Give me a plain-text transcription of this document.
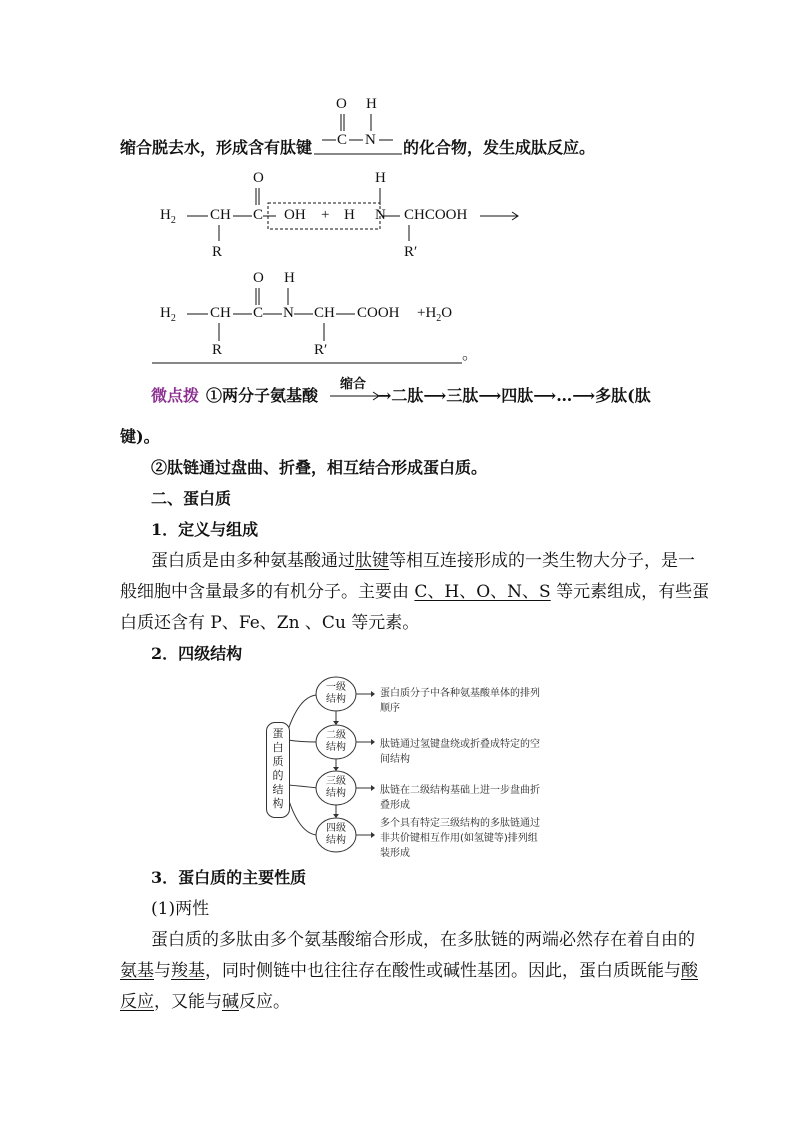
O H
C N
缩合脱去水，形成含有肽键	的化合物，发生成肽反应。
O	H
$H_2$ CH C OH + H N CHCOOH
R	R′
O H
$H_2$ CH C N CH COOH $+H_2O$
R	R′	。
微点拨 ①两分子氨基酸
缩合
→二肽⟶三肽⟶四肽⟶…⟶多肽(肽
键)。
②肽链通过盘曲、折叠，相互结合形成蛋白质。
二、蛋白质
1．定义与组成
蛋白质是由多种氨基酸通过肽键等相互连接形成的一类生物大分子，是一
般细胞中含量最多的有机分子。主要由 C、H、O、N、S 等元素组成，有些蛋
白质还含有 P、Fe、Zn 、Cu 等元素。
2．四级结构
蛋
白
质
的
结
构
一级
结构
二级
结构
三级
结构
四级
结构
蛋白质分子中各种氨基酸单体的排列
顺序
肽链通过氢键盘绕或折叠成特定的空
间结构
肽链在二级结构基础上进一步盘曲折
叠形成
多个具有特定三级结构的多肽链通过
非共价键相互作用(如氢键等)排列组
装形成
3．蛋白质的主要性质
(1)两性
蛋白质的多肽由多个氨基酸缩合形成，在多肽链的两端必然存在着自由的
氨基与羧基，同时侧链中也往往存在酸性或碱性基团。因此，蛋白质既能与酸
反应，又能与碱反应。
